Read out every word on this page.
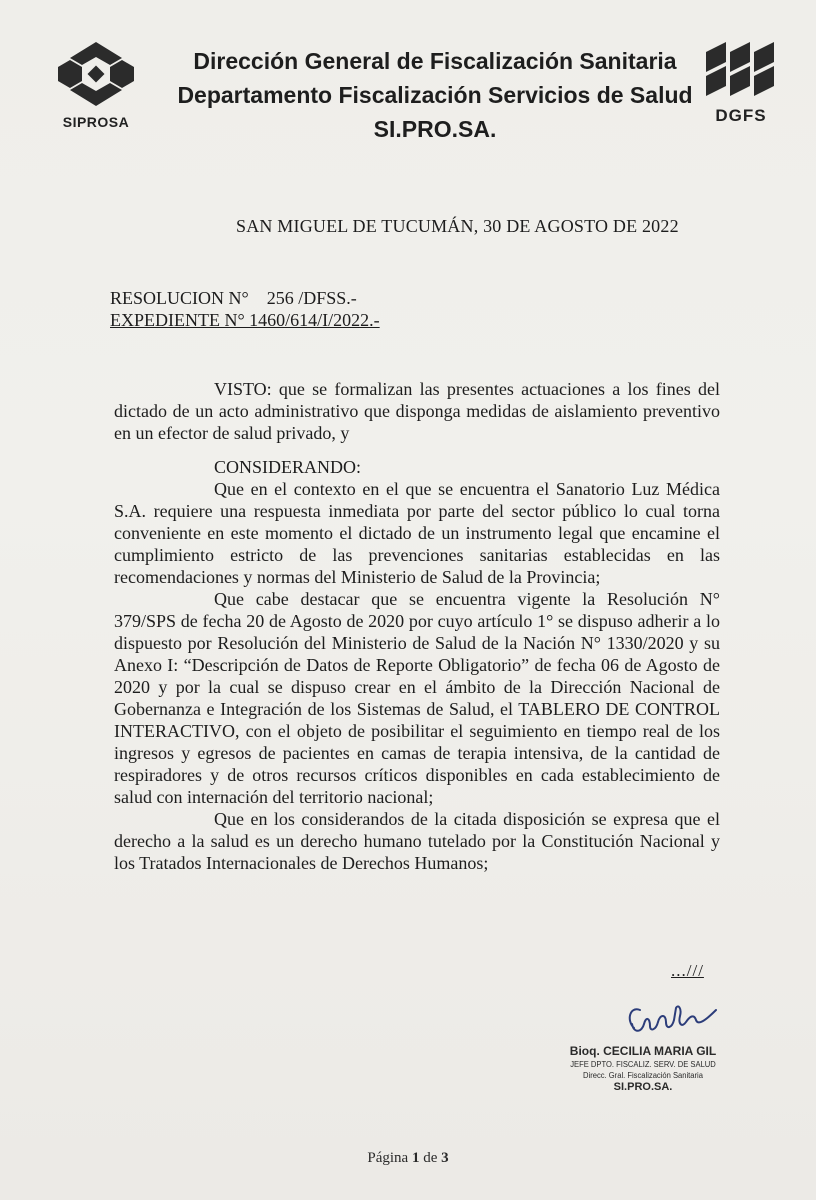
SIPROSA	DGFS
Dirección General de Fiscalización Sanitaria
Departamento Fiscalización Servicios de Salud
SI.PRO.SA.
SAN MIGUEL DE TUCUMÁN, 30 DE AGOSTO DE 2022
RESOLUCION N°    256 /DFSS.-
EXPEDIENTE N° 1460/614/I/2022.-

VISTO: que se formalizan las presentes actuaciones a los fines del dictado de un acto administrativo que disponga medidas de aislamiento preventivo en un efector de salud privado, y

CONSIDERANDO:

Que en el contexto en el que se encuentra el Sanatorio Luz Médica S.A. requiere una respuesta inmediata por parte del sector público lo cual torna conveniente en este momento el dictado de un instrumento legal que encamine el cumplimiento estricto de las prevenciones sanitarias establecidas en las recomendaciones y normas del Ministerio de Salud de la Provincia;

Que cabe destacar que se encuentra vigente la Resolución N° 379/SPS de fecha 20 de Agosto de 2020 por cuyo artículo 1° se dispuso adherir a lo dispuesto por Resolución del Ministerio de Salud de la Nación N° 1330/2020 y su Anexo I: “Descripción de Datos de Reporte Obligatorio” de fecha 06 de Agosto de 2020 y por la cual se dispuso crear en el ámbito de la Dirección Nacional de Gobernanza e Integración de los Sistemas de Salud, el TABLERO DE CONTROL INTERACTIVO, con el objeto de posibilitar el seguimiento en tiempo real de los ingresos y egresos de pacientes en camas de terapia intensiva, de la cantidad de respiradores y de otros recursos críticos disponibles en cada establecimiento de salud con internación del territorio nacional;

Que en los considerandos de la citada disposición se expresa que el derecho a la salud es un derecho humano tutelado por la Constitución Nacional y los Tratados Internacionales de Derechos Humanos;

...///
Bioq. CECILIA MARIA GIL
JEFE DPTO. FISCALIZ. SERV. DE SALUD
Direcc. Gral. Fiscalización Sanitaria
SI.PRO.SA.
Página 1 de 3
